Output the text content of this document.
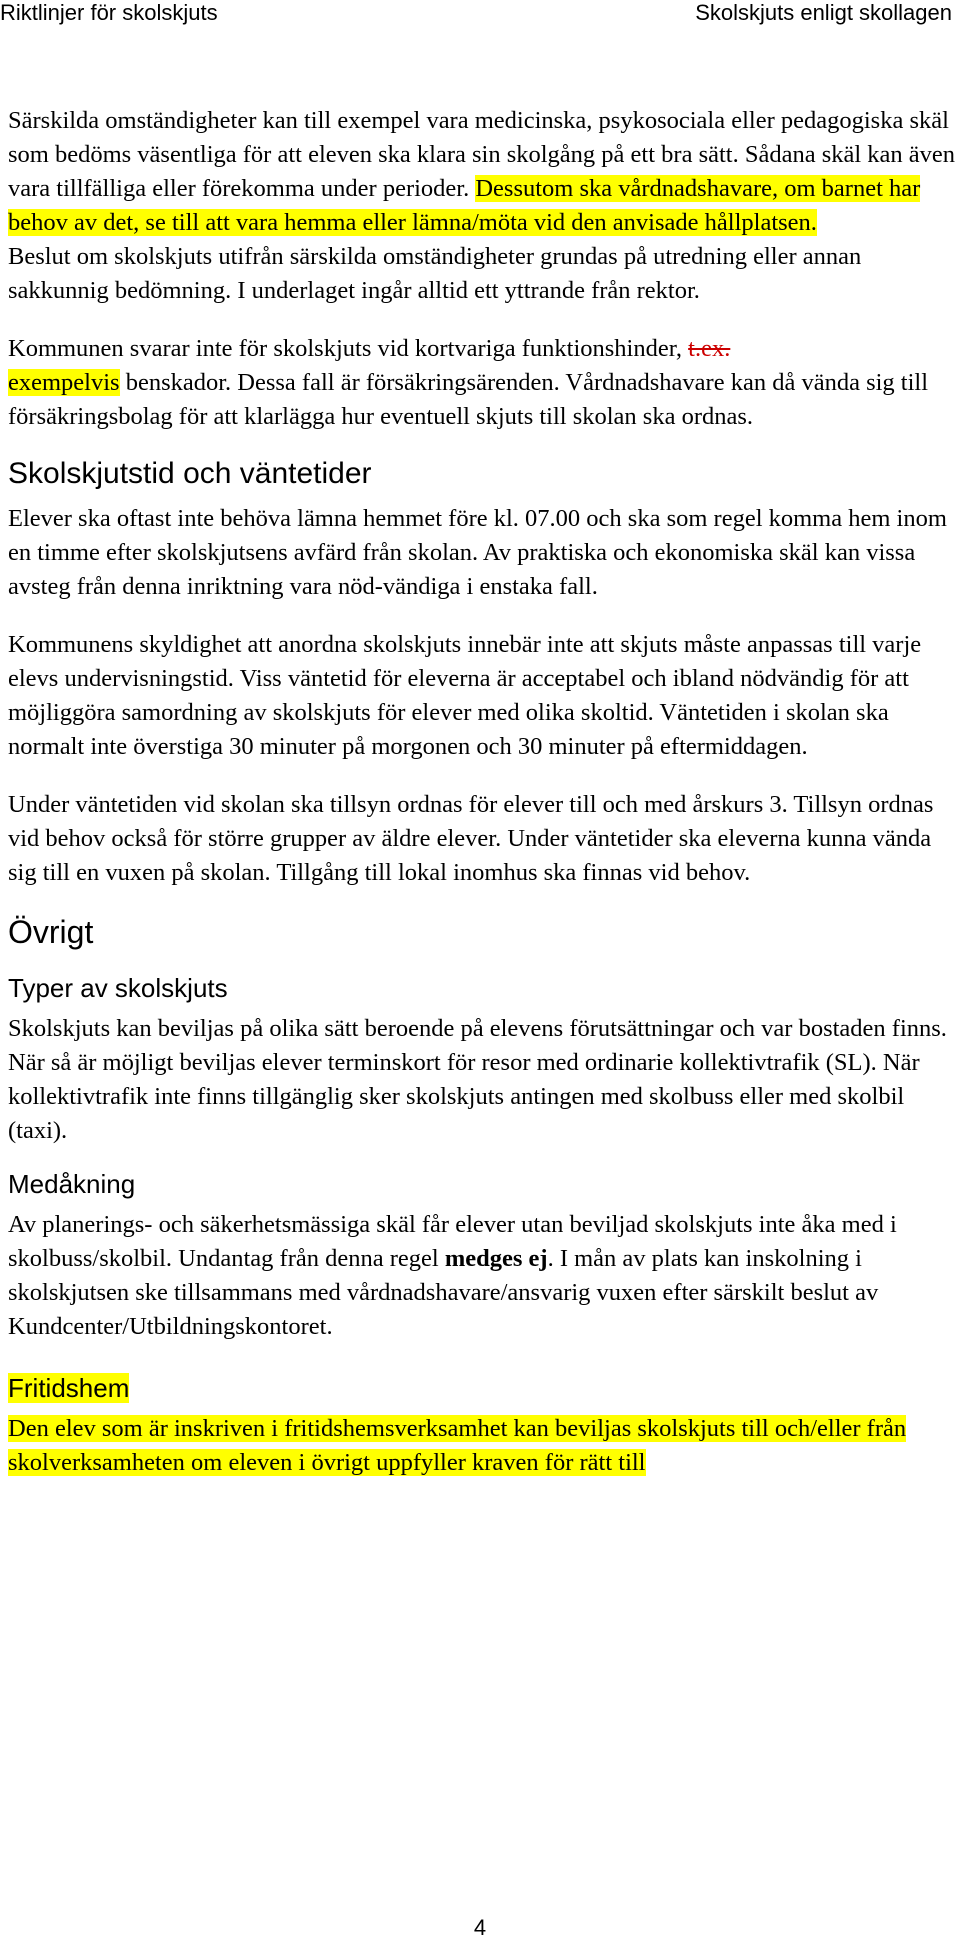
Riktlinjer för skolskjuts	Skolskjuts enligt skollagen

Särskilda omständigheter kan till exempel vara medicinska, psykosociala eller pedagogiska skäl som bedöms väsentliga för att eleven ska klara sin skolgång på ett bra sätt. Sådana skäl kan även vara tillfälliga eller förekomma under perioder. Dessutom ska vårdnadshavare, om barnet har behov av det, se till att vara hemma eller lämna/möta vid den anvisade hållplatsen.

Beslut om skolskjuts utifrån särskilda omständigheter grundas på utredning eller annan sakkunnig bedömning. I underlaget ingår alltid ett yttrande från rektor.

Kommunen svarar inte för skolskjuts vid kortvariga funktionshinder, t.ex.
exempelvis benskador. Dessa fall är försäkringsärenden. Vårdnadshavare kan då vända sig till försäkringsbolag för att klarlägga hur eventuell skjuts till skolan ska ordnas.

Skolskjutstid och väntetider

Elever ska oftast inte behöva lämna hemmet före kl. 07.00 och ska som regel komma hem inom en timme efter skolskjutsens avfärd från skolan. Av praktiska och ekonomiska skäl kan vissa avsteg från denna inriktning vara nöd-vändiga i enstaka fall.

Kommunens skyldighet att anordna skolskjuts innebär inte att skjuts måste anpassas till varje elevs undervisningstid. Viss väntetid för eleverna är acceptabel och ibland nödvändig för att möjliggöra samordning av skolskjuts för elever med olika skoltid. Väntetiden i skolan ska normalt inte överstiga 30 minuter på morgonen och 30 minuter på eftermiddagen.

Under väntetiden vid skolan ska tillsyn ordnas för elever till och med årskurs 3. Tillsyn ordnas vid behov också för större grupper av äldre elever. Under väntetider ska eleverna kunna vända sig till en vuxen på skolan. Tillgång till lokal inomhus ska finnas vid behov.

Övrigt
Typer av skolskjuts

Skolskjuts kan beviljas på olika sätt beroende på elevens förutsättningar och var bostaden finns. När så är möjligt beviljas elever terminskort för resor med ordinarie kollektivtrafik (SL). När kollektivtrafik inte finns tillgänglig sker skolskjuts antingen med skolbuss eller med skolbil (taxi).

Medåkning

Av planerings- och säkerhetsmässiga skäl får elever utan beviljad skolskjuts inte åka med i skolbuss/skolbil. Undantag från denna regel medges ej. I mån av plats kan inskolning i skolskjutsen ske tillsammans med vårdnadshavare/ansvarig vuxen efter särskilt beslut av Kundcenter/Utbildningskontoret.

Fritidshem

Den elev som är inskriven i fritidshemsverksamhet kan beviljas skolskjuts till och/eller från skolverksamheten om eleven i övrigt uppfyller kraven för rätt till

4
